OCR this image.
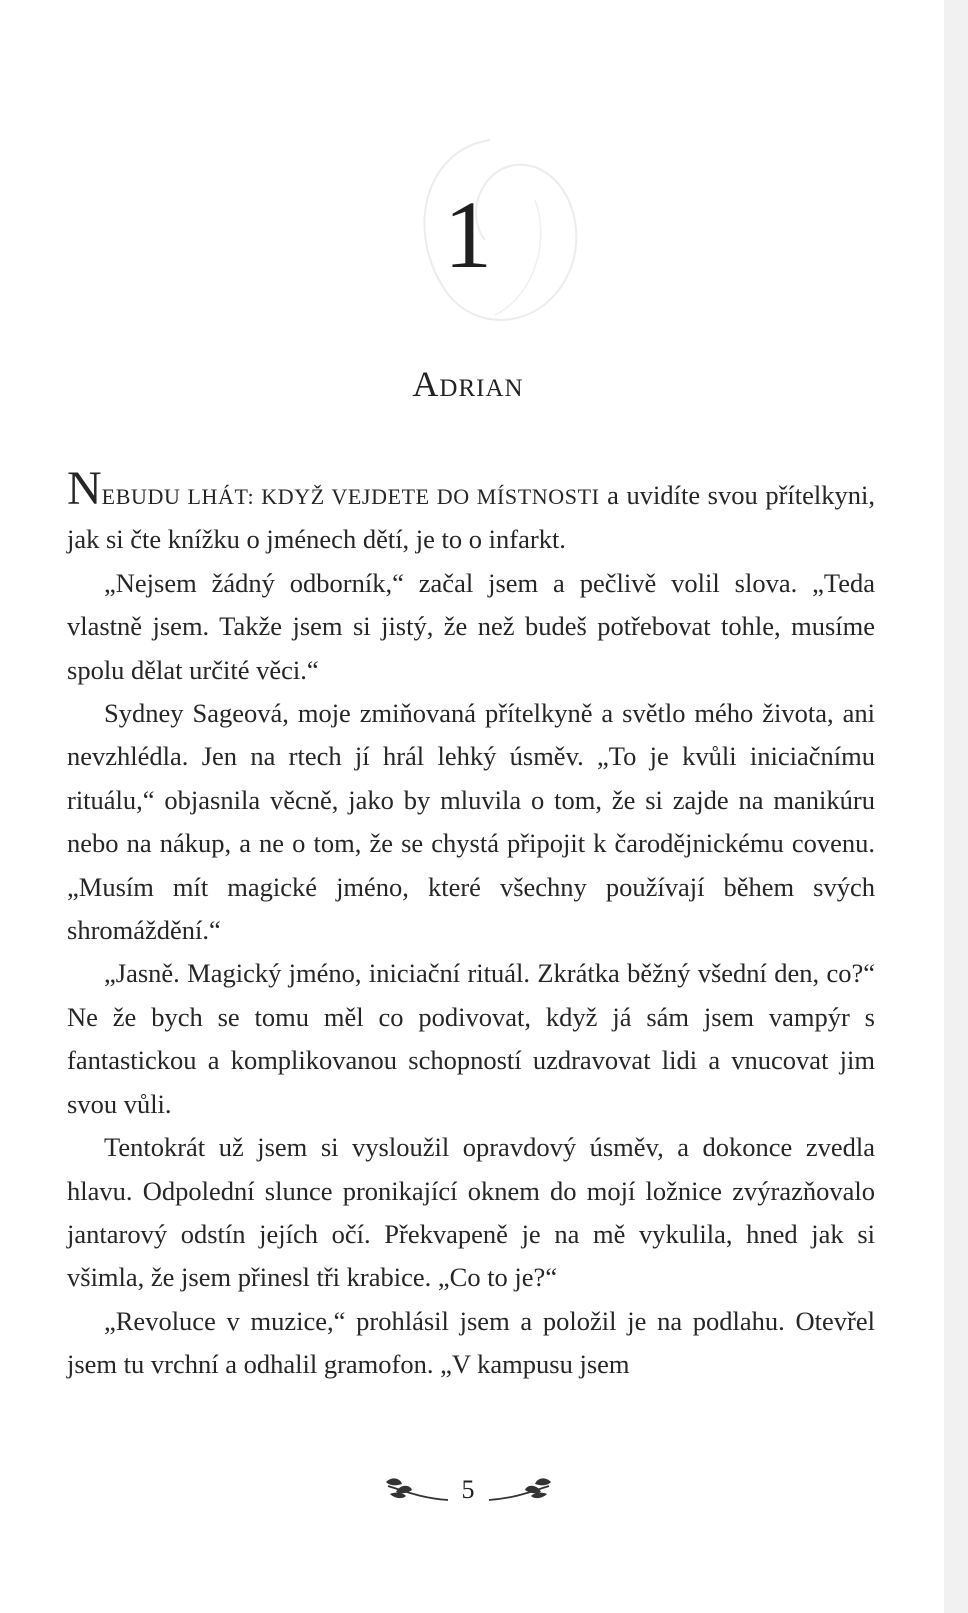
1
Adrian

NEBUDU LHÁT: KDYŽ VEJDETE DO MÍSTNOSTI a uvidíte svou přítelkyni, jak si čte knížku o jménech dětí, je to o infarkt.

„Nejsem žádný odborník,“ začal jsem a pečlivě volil slova. „Teda vlastně jsem. Takže jsem si jistý, že než budeš potřebovat tohle, musíme spolu dělat určité věci.“

Sydney Sageová, moje zmiňovaná přítelkyně a světlo mého života, ani nevzhlédla. Jen na rtech jí hrál lehký úsměv. „To je kvůli iniciačnímu rituálu,“ objasnila věcně, jako by mluvila o tom, že si zajde na manikúru nebo na nákup, a ne o tom, že se chystá připojit k čarodějnickému covenu. „Musím mít magické jméno, které všechny používají během svých shromáždění.“

„Jasně. Magický jméno, iniciační rituál. Zkrátka běžný všední den, co?“ Ne že bych se tomu měl co podivovat, když já sám jsem vampýr s fantastickou a komplikovanou schopností uzdravovat lidi a vnucovat jim svou vůli.

Tentokrát už jsem si vysloužil opravdový úsměv, a dokonce zvedla hlavu. Odpolední slunce pronikající oknem do mojí ložnice zvýrazňovalo jantarový odstín jejích očí. Překvapeně je na mě vykulila, hned jak si všimla, že jsem přinesl tři krabice. „Co to je?“

„Revoluce v muzice,“ prohlásil jsem a položil je na podlahu. Otevřel jsem tu vrchní a odhalil gramofon. „V kampusu jsem

5
